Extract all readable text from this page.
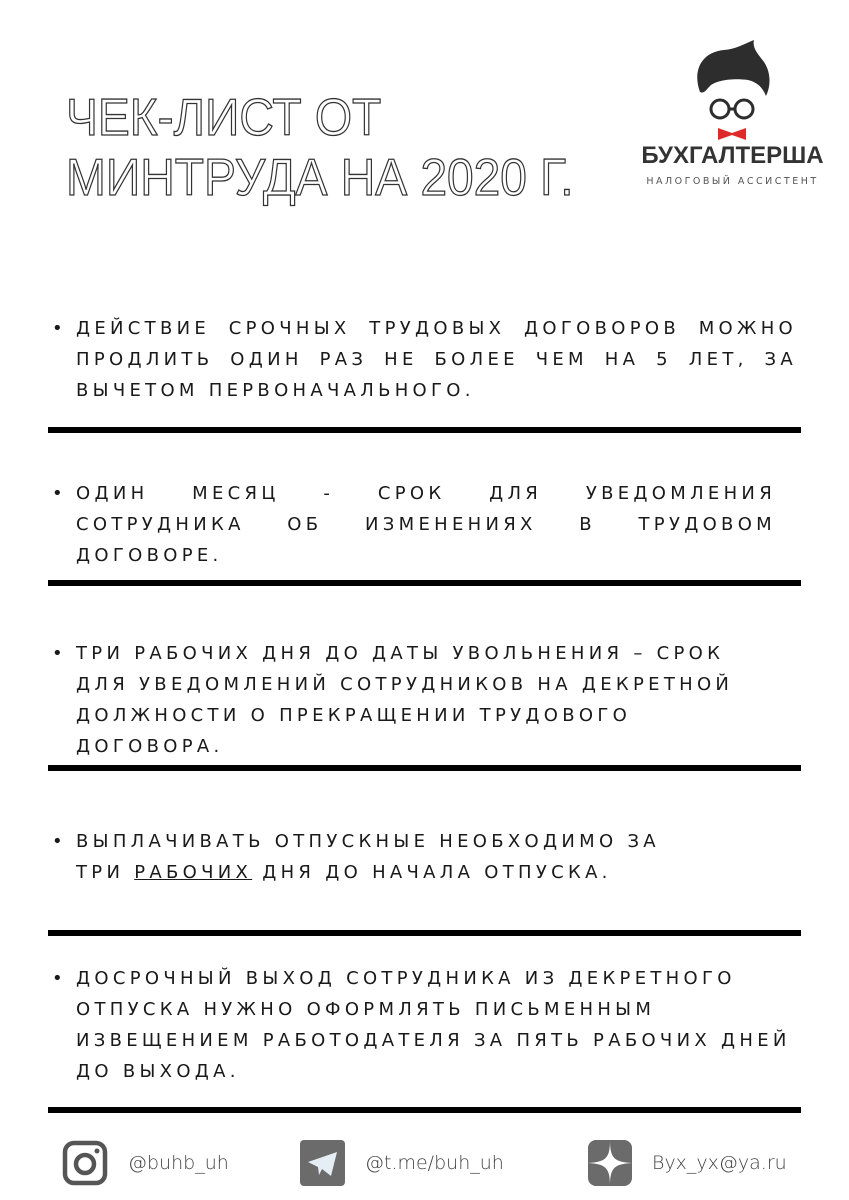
ЧЕК-ЛИСТ ОТ
МИНТРУДА НА 2020 Г.	БУХГАЛТЕРША
НАЛОГОВЫЙ АССИСТЕНТ
• ДЕЙСТВИЕ СРОЧНЫХ ТРУДОВЫХ ДОГОВОРОВ МОЖНО ПРОДЛИТЬ ОДИН РАЗ НЕ БОЛЕЕ ЧЕМ НА 5 ЛЕТ, ЗА ВЫЧЕТОМ ПЕРВОНАЧАЛЬНОГО.

• ОДИН МЕСЯЦ - СРОК ДЛЯ УВЕДОМЛЕНИЯ СОТРУДНИКА ОБ ИЗМЕНЕНИЯХ В ТРУДОВОМ ДОГОВОРЕ.

• ТРИ РАБОЧИХ ДНЯ ДО ДАТЫ УВОЛЬНЕНИЯ – СРОК ДЛЯ УВЕДОМЛЕНИЙ СОТРУДНИКОВ НА ДЕКРЕТНОЙ ДОЛЖНОСТИ О ПРЕКРАЩЕНИИ ТРУДОВОГО ДОГОВОРА.

• ВЫПЛАЧИВАТЬ ОТПУСКНЫЕ НЕОБХОДИМО ЗА ТРИ РАБОЧИХ ДНЯ ДО НАЧАЛА ОТПУСКА.

• ДОСРОЧНЫЙ ВЫХОД СОТРУДНИКА ИЗ ДЕКРЕТНОГО ОТПУСКА НУЖНО ОФОРМЛЯТЬ ПИСЬМЕННЫМ ИЗВЕЩЕНИЕМ РАБОТОДАТЕЛЯ ЗА ПЯТЬ РАБОЧИХ ДНЕЙ ДО ВЫХОДА.

@buhb_uh	@t.me/buh_uh	Вух_ух@ya.ru
